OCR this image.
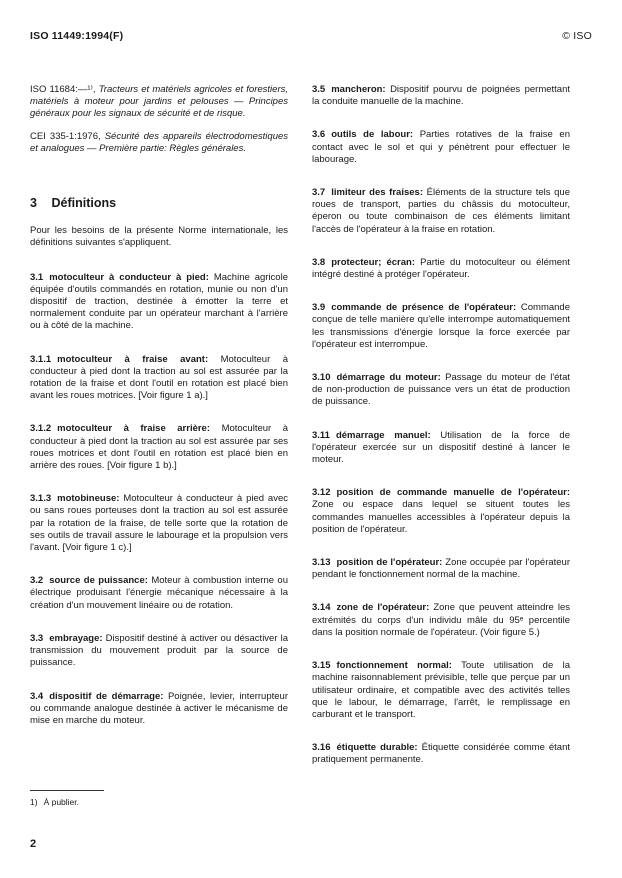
ISO 11449:1994(F)	© ISO

ISO 11684:—¹⁾, Tracteurs et matériels agricoles et forestiers, matériels à moteur pour jardins et pelouses — Principes généraux pour les signaux de sécurité et de risque.

CEI 335-1:1976, Sécurité des appareils électrodomestiques et analogues — Première partie: Règles générales.

3 Définitions

Pour les besoins de la présente Norme internationale, les définitions suivantes s'appliquent.

3.1 motoculteur à conducteur à pied: Machine agricole équipée d'outils commandés en rotation, munie ou non d'un dispositif de traction, destinée à émotter la terre et normalement conduite par un opérateur marchant à l'arrière ou à côté de la machine.

3.1.1 motoculteur à fraise avant: Motoculteur à conducteur à pied dont la traction au sol est assurée par la rotation de la fraise et dont l'outil en rotation est placé bien avant les roues motrices. [Voir figure 1 a).]

3.1.2 motoculteur à fraise arrière: Motoculteur à conducteur à pied dont la traction au sol est assurée par ses roues motrices et dont l'outil en rotation est placé bien en arrière des roues. [Voir figure 1 b).]

3.1.3 motobineuse: Motoculteur à conducteur à pied avec ou sans roues porteuses dont la traction au sol est assurée par la rotation de la fraise, de telle sorte que la rotation de ses outils de travail assure le labourage et la propulsion vers l'avant. [Voir figure 1 c).]

3.2 source de puissance: Moteur à combustion interne ou électrique produisant l'énergie mécanique nécessaire à la création d'un mouvement linéaire ou de rotation.

3.3 embrayage: Dispositif destiné à activer ou désactiver la transmission du mouvement produit par la source de puissance.

3.4 dispositif de démarrage: Poignée, levier, interrupteur ou commande analogue destinée à activer le mécanisme de mise en marche du moteur.

3.5 mancheron: Dispositif pourvu de poignées permettant la conduite manuelle de la machine.

3.6 outils de labour: Parties rotatives de la fraise en contact avec le sol et qui y pénètrent pour effectuer le labourage.

3.7 limiteur des fraises: Éléments de la structure tels que roues de transport, parties du châssis du motoculteur, éperon ou toute combinaison de ces éléments limitant l'accès de l'opérateur à la fraise en rotation.

3.8 protecteur; écran: Partie du motoculteur ou élément intégré destiné à protéger l'opérateur.

3.9 commande de présence de l'opérateur: Commande conçue de telle manière qu'elle interrompe automatiquement les transmissions d'énergie lorsque la force exercée par l'opérateur est interrompue.

3.10 démarrage du moteur: Passage du moteur de l'état de non-production de puissance vers un état de production de puissance.

3.11 démarrage manuel: Utilisation de la force de l'opérateur exercée sur un dispositif destiné à lancer le moteur.

3.12 position de commande manuelle de l'opérateur: Zone ou espace dans lequel se situent toutes les commandes manuelles accessibles à l'opérateur depuis la position de l'opérateur.

3.13 position de l'opérateur: Zone occupée par l'opérateur pendant le fonctionnement normal de la machine.

3.14 zone de l'opérateur: Zone que peuvent atteindre les extrémités du corps d'un individu mâle du 95ᵉ percentile dans la position normale de l'opérateur. (Voir figure 5.)

3.15 fonctionnement normal: Toute utilisation de la machine raisonnablement prévisible, telle que perçue par un utilisateur ordinaire, et compatible avec des activités telles que le labour, le démarrage, l'arrêt, le remplissage en carburant et le transport.

3.16 étiquette durable: Étiquette considérée comme étant pratiquement permanente.

1) À publier.
2
